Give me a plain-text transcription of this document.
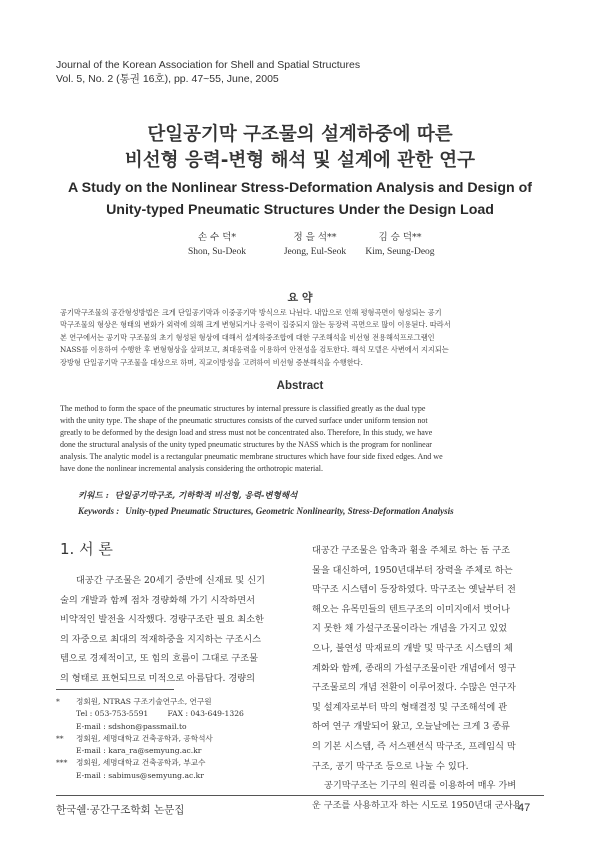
Journal of the Korean Association for Shell and Spatial Structures
Vol. 5, No. 2 (통권 16호), pp. 47~55, June, 2005
단일공기막 구조물의 설계하중에 따른
비선형 응력-변형 해석 및 설계에 관한 연구
A Study on the Nonlinear Stress-Deformation Analysis and Design of
Unity-typed Pneumatic Structures Under the Design Load
손 수 덕*
Shon, Su-Deok
정 을 석**
Jeong, Eul-Seok
김 승 덕**
Kim, Seung-Deog
요 약
공기막구조물의 공간형성방법은 크게 단일공기막과 이중공기막 방식으로 나뉜다. 내압으로 인해 평형곡면이 형성되는 공기
막구조물의 형상은 형태의 변화가 외력에 의해 크게 변형되거나 응력이 집중되지 않는 등장력 곡면으로 많이 이용된다. 따라서
본 연구에서는 공기막 구조물의 초기 형성된 형상에 대해서 설계하중조합에 대한 구조해석을 비선형 전용해석프로그램인
NASS를 이용하여 수행한 후 변형형상을 살펴보고, 최대응력을 이용하여 안전성을 검토한다. 해석 모델은 사변에서 지지되는
장방형 단일공기막 구조물을 대상으로 하며, 직교이방성을 고려하여 비선형 증분해석을 수행한다.
Abstract
The method to form the space of the pneumatic structures by internal pressure is classified greatly as the dual type
with the unity type. The shape of the pneumatic structures consists of the curved surface under uniform tension not
greatly to be deformed by the design load and stress must not be concentrated also. Therefore, In this study, we have
done the structural analysis of the unity typed pneumatic structures by the NASS which is the program for nonlinear
analysis. The analytic model is a rectangular pneumatic membrane structures which have four side fixed edges. And we
have done the nonlinear incremental analysis considering the orthotropic material.
키워드 : 단일공기막구조, 기하학적 비선형, 응력-변형해석
Keywords : Unity-typed Pneumatic Structures, Geometric Nonlinearity, Stress-Deformation Analysis
1. 서 론

대공간 구조물은 20세기 중반에 신재료 및 신기
술의 개발과 함께 점차 경량화해 가기 시작하면서
비약적인 발전을 시작했다. 경량구조란 필요 최소한
의 자중으로 최대의 적재하중을 지지하는 구조시스
템으로 경제적이고, 또 힘의 흐름이 그대로 구조물
의 형태로 표현되므로 미적으로 아름답다. 경량의

대공간 구조물은 압축과 휨을 주체로 하는 돔 구조
물을 대신하여, 1950년대부터 장력을 주체로 하는
막구조 시스템이 등장하였다. 막구조는 옛날부터 전
해오는 유목민들의 텐트구조의 이미지에서 벗어나
지 못한 채 가설구조물이라는 개념을 가지고 있었
으나, 불연성 막재료의 개발 및 막구조 시스템의 체
계화와 함께, 종래의 가설구조물이란 개념에서 영구
구조물로의 개념 전환이 이루어졌다. 수많은 연구자
및 설계자로부터 막의 형태결정 및 구조해석에 관
하여 연구 개발되어 왔고, 오늘날에는 크게 3 종류
의 기본 시스템, 즉 서스펜션식 막구조, 프레임식 막
구조, 공기 막구조 등으로 나눌 수 있다.
공기막구조는 기구의 원리를 이용하여 매우 가벼
운 구조를 사용하고자 하는 시도로 1950년대 군사용
*	정회원, NTRAS 구조기술연구소, 연구원
Tel : 053-753-5591        FAX : 043-649-1326
E-mail : sdshon@passmail.to
**	정회원, 세명대학교 건축공학과, 공학석사
E-mail : kara_ra@semyung.ac.kr
***	정회원, 세명대학교 건축공학과, 부교수
E-mail : sabimus@semyung.ac.kr
한국쉘·공간구조학회 논문집	47
